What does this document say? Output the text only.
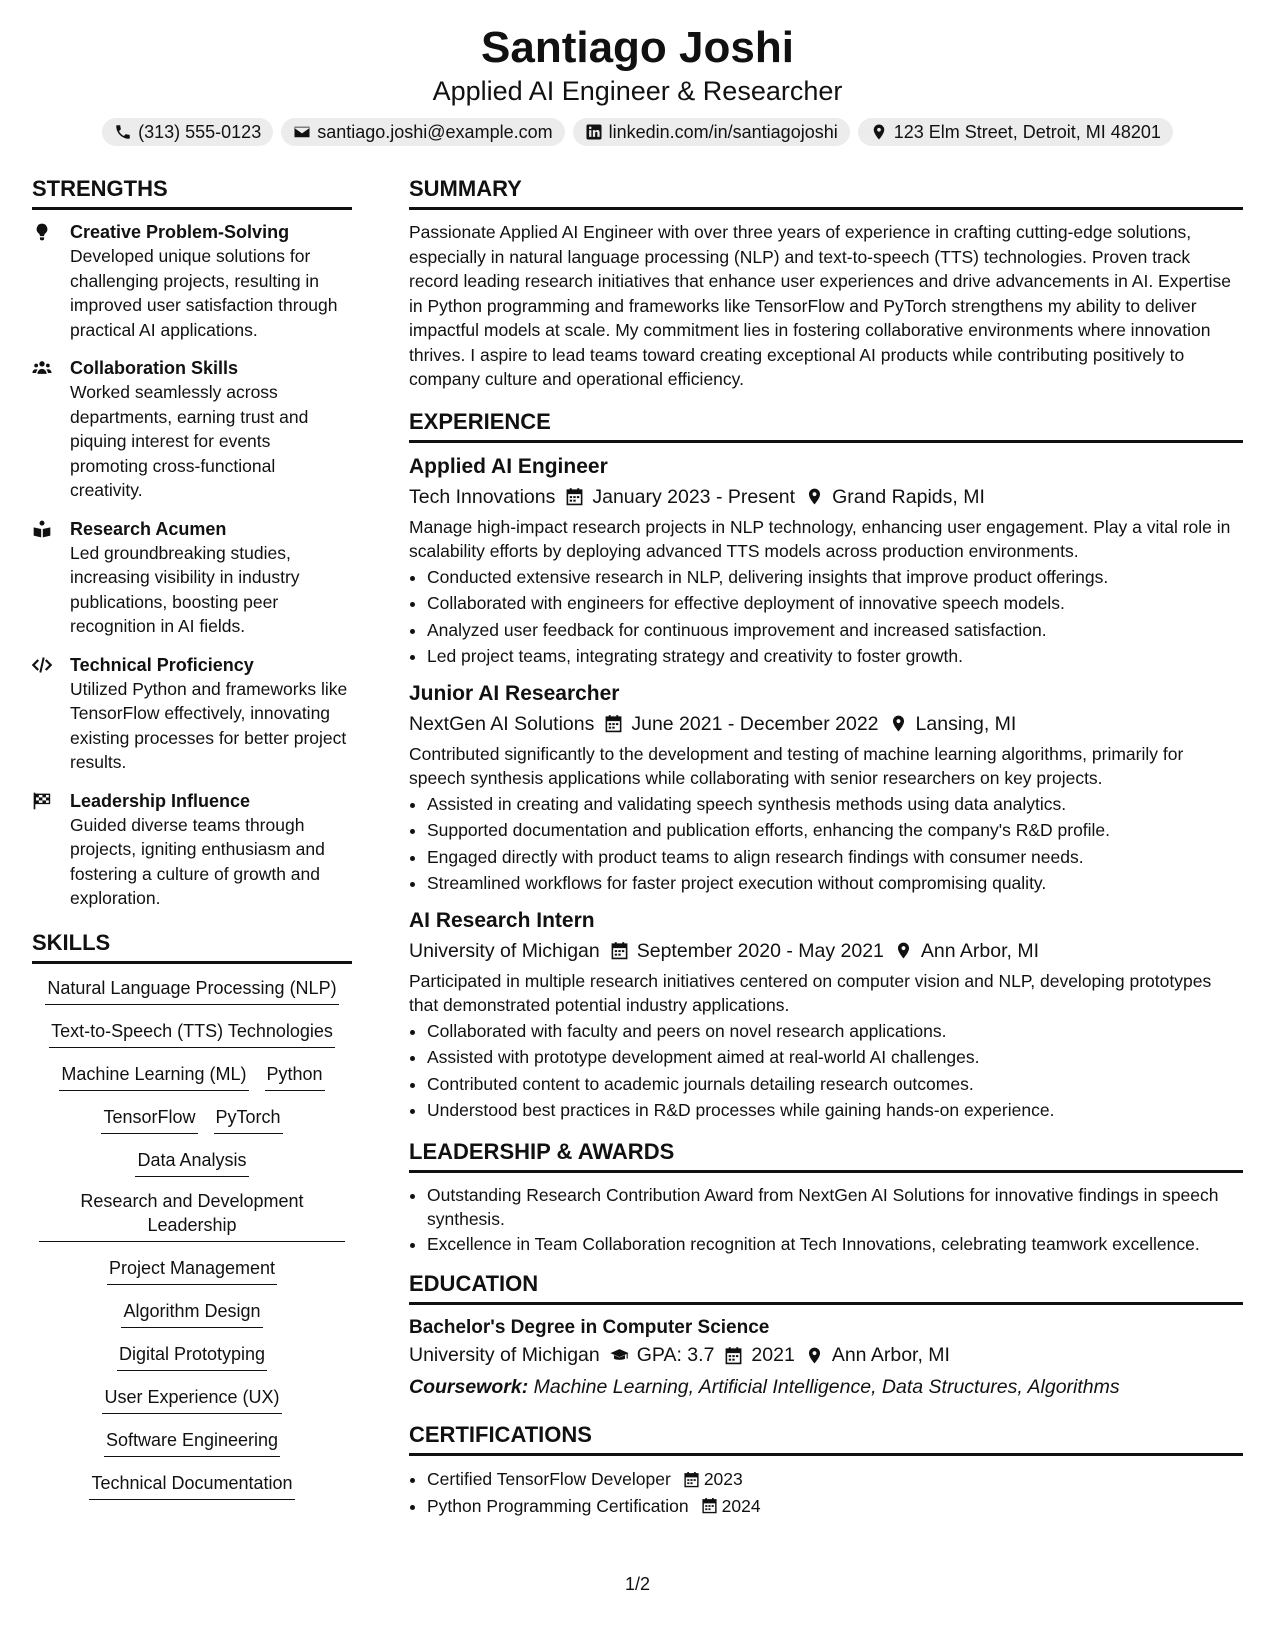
Santiago Joshi
Applied AI Engineer & Researcher
(313) 555-0123	santiago.joshi@example.com	linkedin.com/in/santiagojoshi	123 Elm Street, Detroit, MI 48201
STRENGTHS
Creative Problem-Solving
Developed unique solutions for challenging projects, resulting in improved user satisfaction through practical AI applications.
Collaboration Skills
Worked seamlessly across departments, earning trust and piquing interest for events promoting cross-functional creativity.
Research Acumen
Led groundbreaking studies, increasing visibility in industry publications, boosting peer recognition in AI fields.
Technical Proficiency
Utilized Python and frameworks like TensorFlow effectively, innovating existing processes for better project results.
Leadership Influence
Guided diverse teams through projects, igniting enthusiasm and fostering a culture of growth and exploration.
SKILLS
Natural Language Processing (NLP)
Text-to-Speech (TTS) Technologies
Machine Learning (ML) Python
TensorFlow PyTorch
Data Analysis
Research and Development Leadership
Project Management
Algorithm Design
Digital Prototyping
User Experience (UX)
Software Engineering
Technical Documentation
SUMMARY

Passionate Applied AI Engineer with over three years of experience in crafting cutting-edge solutions, especially in natural language processing (NLP) and text-to-speech (TTS) technologies. Proven track record leading research initiatives that enhance user experiences and drive advancements in AI. Expertise in Python programming and frameworks like TensorFlow and PyTorch strengthens my ability to deliver impactful models at scale. My commitment lies in fostering collaborative environments where innovation thrives. I aspire to lead teams toward creating exceptional AI products while contributing positively to company culture and operational efficiency.

EXPERIENCE
Applied AI Engineer
Tech Innovations January 2023 - Present Grand Rapids, MI

Manage high-impact research projects in NLP technology, enhancing user engagement. Play a vital role in scalability efforts by deploying advanced TTS models across production environments.

• Conducted extensive research in NLP, delivering insights that improve product offerings.
• Collaborated with engineers for effective deployment of innovative speech models.
• Analyzed user feedback for continuous improvement and increased satisfaction.
• Led project teams, integrating strategy and creativity to foster growth.
Junior AI Researcher
NextGen AI Solutions June 2021 - December 2022 Lansing, MI

Contributed significantly to the development and testing of machine learning algorithms, primarily for speech synthesis applications while collaborating with senior researchers on key projects.

• Assisted in creating and validating speech synthesis methods using data analytics.
• Supported documentation and publication efforts, enhancing the company's R&D profile.
• Engaged directly with product teams to align research findings with consumer needs.
• Streamlined workflows for faster project execution without compromising quality.
AI Research Intern
University of Michigan September 2020 - May 2021 Ann Arbor, MI

Participated in multiple research initiatives centered on computer vision and NLP, developing prototypes that demonstrated potential industry applications.

• Collaborated with faculty and peers on novel research applications.
• Assisted with prototype development aimed at real-world AI challenges.
• Contributed content to academic journals detailing research outcomes.
• Understood best practices in R&D processes while gaining hands-on experience.
LEADERSHIP & AWARDS
• Outstanding Research Contribution Award from NextGen AI Solutions for innovative findings in speech synthesis.
• Excellence in Team Collaboration recognition at Tech Innovations, celebrating teamwork excellence.
EDUCATION
Bachelor's Degree in Computer Science
University of Michigan GPA: 3.7 2021 Ann Arbor, MI
Coursework: Machine Learning, Artificial Intelligence, Data Structures, Algorithms
CERTIFICATIONS
• Certified TensorFlow Developer 2023
• Python Programming Certification 2024
1/2
